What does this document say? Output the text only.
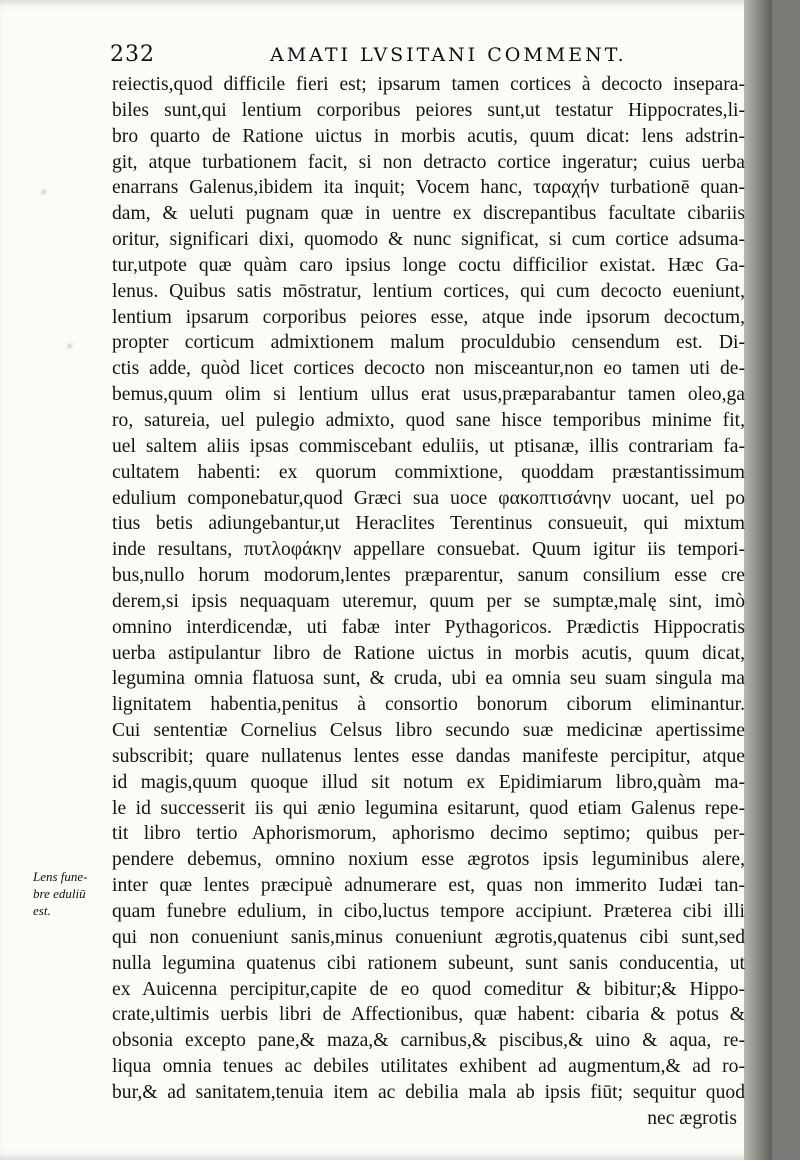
232	AMATI LVSITANI COMMENT.
✳
✳
reiectis,quod difficile fieri est; ipsarum tamen cortices à decocto insepara-
biles sunt,qui lentium corporibus peiores sunt,ut testatur Hippocrates,li-
bro quarto de Ratione uictus in morbis acutis, quum dicat: lens adstrin-
git, atque turbationem facit, si non detracto cortice ingeratur; cuius uerba
enarrans Galenus,ibidem ita inquit; Vocem hanc, ταραχήν turbationē quan-
dam, & ueluti pugnam quæ in uentre ex discrepantibus facultate cibariis
oritur, significari dixi, quomodo & nunc significat, si cum cortice adsuma-
tur,utpote quæ quàm caro ipsius longe coctu difficilior existat. Hæc Ga-
lenus. Quibus satis mōstratur, lentium cortices, qui cum decocto eueniunt,
lentium ipsarum corporibus peiores esse, atque inde ipsorum decoctum,
propter corticum admixtionem malum proculdubio censendum est. Di-
ctis adde, quòd licet cortices decocto non misceantur,non eo tamen uti de-
bemus,quum olim si lentium ullus erat usus,præparabantur tamen oleo,ga
ro, satureia, uel pulegio admixto, quod sane hisce temporibus minime fit,
uel saltem aliis ipsas commiscebant eduliis, ut ptisanæ, illis contrariam fa-
cultatem habenti: ex quorum commixtione, quoddam præstantissimum
edulium componebatur,quod Græci sua uoce φακοπτισάνην uocant, uel po
tius betis adiungebantur,ut Heraclites Terentinus consueuit, qui mixtum
inde resultans, πυτλοφάκην appellare consuebat. Quum igitur iis tempori-
bus,nullo horum modorum,lentes præparentur, sanum consilium esse cre
derem,si ipsis nequaquam uteremur, quum per se sumptæ,malę sint, imò
omnino interdicendæ, uti fabæ inter Pythagoricos. Prædictis Hippocratis
uerba astipulantur libro de Ratione uictus in morbis acutis, quum dicat,
legumina omnia flatuosa sunt, & cruda, ubi ea omnia seu suam singula ma
lignitatem habentia,penitus à consortio bonorum ciborum eliminantur.
Cui sententiæ Cornelius Celsus libro secundo suæ medicinæ apertissime
subscribit; quare nullatenus lentes esse dandas manifeste percipitur, atque
id magis,quum quoque illud sit notum ex Epidimiarum libro,quàm ma-
le id successerit iis qui ænio legumina esitarunt, quod etiam Galenus repe-
tit libro tertio Aphorismorum, aphorismo decimo septimo; quibus per-
pendere debemus, omnino noxium esse ægrotos ipsis leguminibus alere,
inter quæ lentes præcipuè adnumerare est, quas non immerito Iudæi tan-
quam funebre edulium, in cibo,luctus tempore accipiunt. Præterea cibi illi
qui non conueniunt sanis,minus conueniunt ægrotis,quatenus cibi sunt,sed
nulla legumina quatenus cibi rationem subeunt, sunt sanis conducentia, ut
ex Auicenna percipitur,capite de eo quod comeditur & bibitur;& Hippo-
crate,ultimis uerbis libri de Affectionibus, quæ habent: cibaria & potus &
obsonia excepto pane,& maza,& carnibus,& piscibus,& uino & aqua, re-
liqua omnia tenues ac debiles utilitates exhibent ad augmentum,& ad ro-
bur,& ad sanitatem,tenuia item ac debilia mala ab ipsis fiūt; sequitur quod
nec ægrotis
Lens fune-
bre eduliū
est.
